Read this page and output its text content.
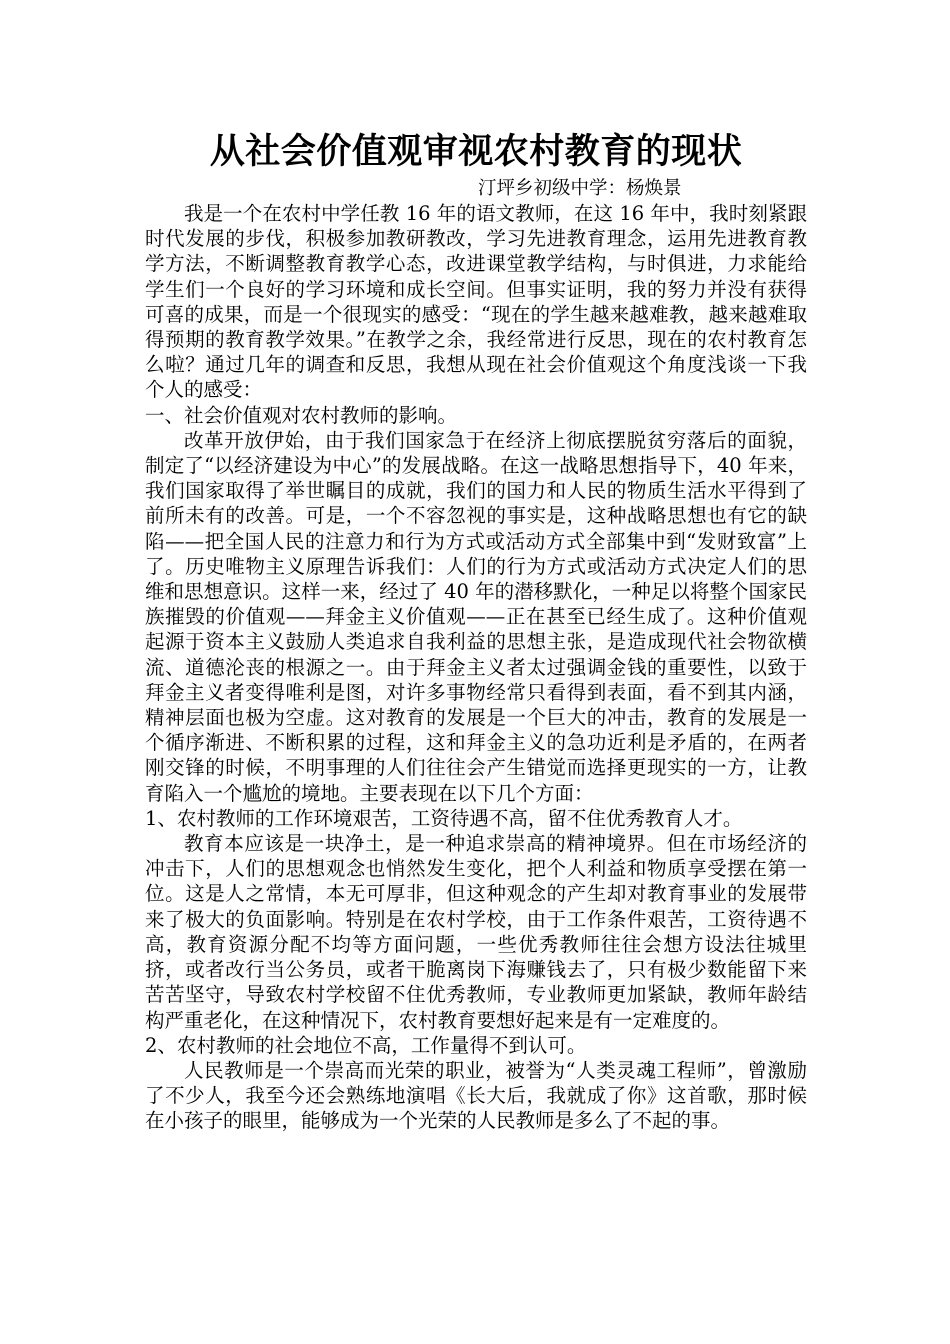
从社会价值观审视农村教育的现状

汀坪乡初级中学：杨焕景

我是一个在农村中学任教 16 年的语文教师，在这 16 年中，我时刻紧跟时代发展的步伐，积极参加教研教改，学习先进教育理念，运用先进教育教学方法，不断调整教育教学心态，改进课堂教学结构，与时俱进，力求能给学生们一个良好的学习环境和成长空间。但事实证明，我的努力并没有获得可喜的成果，而是一个很现实的感受：“现在的学生越来越难教，越来越难取得预期的教育教学效果。”在教学之余，我经常进行反思，现在的农村教育怎么啦？通过几年的调查和反思，我想从现在社会价值观这个角度浅谈一下我个人的感受：

一、社会价值观对农村教师的影响。

改革开放伊始，由于我们国家急于在经济上彻底摆脱贫穷落后的面貌，制定了“以经济建设为中心”的发展战略。在这一战略思想指导下，40 年来，我们国家取得了举世瞩目的成就，我们的国力和人民的物质生活水平得到了前所未有的改善。可是，一个不容忽视的事实是，这种战略思想也有它的缺陷——把全国人民的注意力和行为方式或活动方式全部集中到“发财致富”上了。历史唯物主义原理告诉我们：人们的行为方式或活动方式决定人们的思维和思想意识。这样一来，经过了 40 年的潜移默化，一种足以将整个国家民族摧毁的价值观——拜金主义价值观——正在甚至已经生成了。这种价值观起源于资本主义鼓励人类追求自我利益的思想主张，是造成现代社会物欲横流、道德沦丧的根源之一。由于拜金主义者太过强调金钱的重要性，以致于拜金主义者变得唯利是图，对许多事物经常只看得到表面，看不到其内涵，精神层面也极为空虚。这对教育的发展是一个巨大的冲击，教育的发展是一个循序渐进、不断积累的过程，这和拜金主义的急功近利是矛盾的，在两者刚交锋的时候，不明事理的人们往往会产生错觉而选择更现实的一方，让教育陷入一个尴尬的境地。主要表现在以下几个方面：

1、农村教师的工作环境艰苦，工资待遇不高，留不住优秀教育人才。

教育本应该是一块净土，是一种追求崇高的精神境界。但在市场经济的冲击下，人们的思想观念也悄然发生变化，把个人利益和物质享受摆在第一位。这是人之常情，本无可厚非，但这种观念的产生却对教育事业的发展带来了极大的负面影响。特别是在农村学校，由于工作条件艰苦，工资待遇不高，教育资源分配不均等方面问题，一些优秀教师往往会想方设法往城里挤，或者改行当公务员，或者干脆离岗下海赚钱去了，只有极少数能留下来苦苦坚守，导致农村学校留不住优秀教师，专业教师更加紧缺，教师年龄结构严重老化，在这种情况下，农村教育要想好起来是有一定难度的。

2、农村教师的社会地位不高，工作量得不到认可。

人民教师是一个崇高而光荣的职业，被誉为“人类灵魂工程师”，曾激励了不少人，我至今还会熟练地演唱《长大后，我就成了你》这首歌，那时候在小孩子的眼里，能够成为一个光荣的人民教师是多么了不起的事。
